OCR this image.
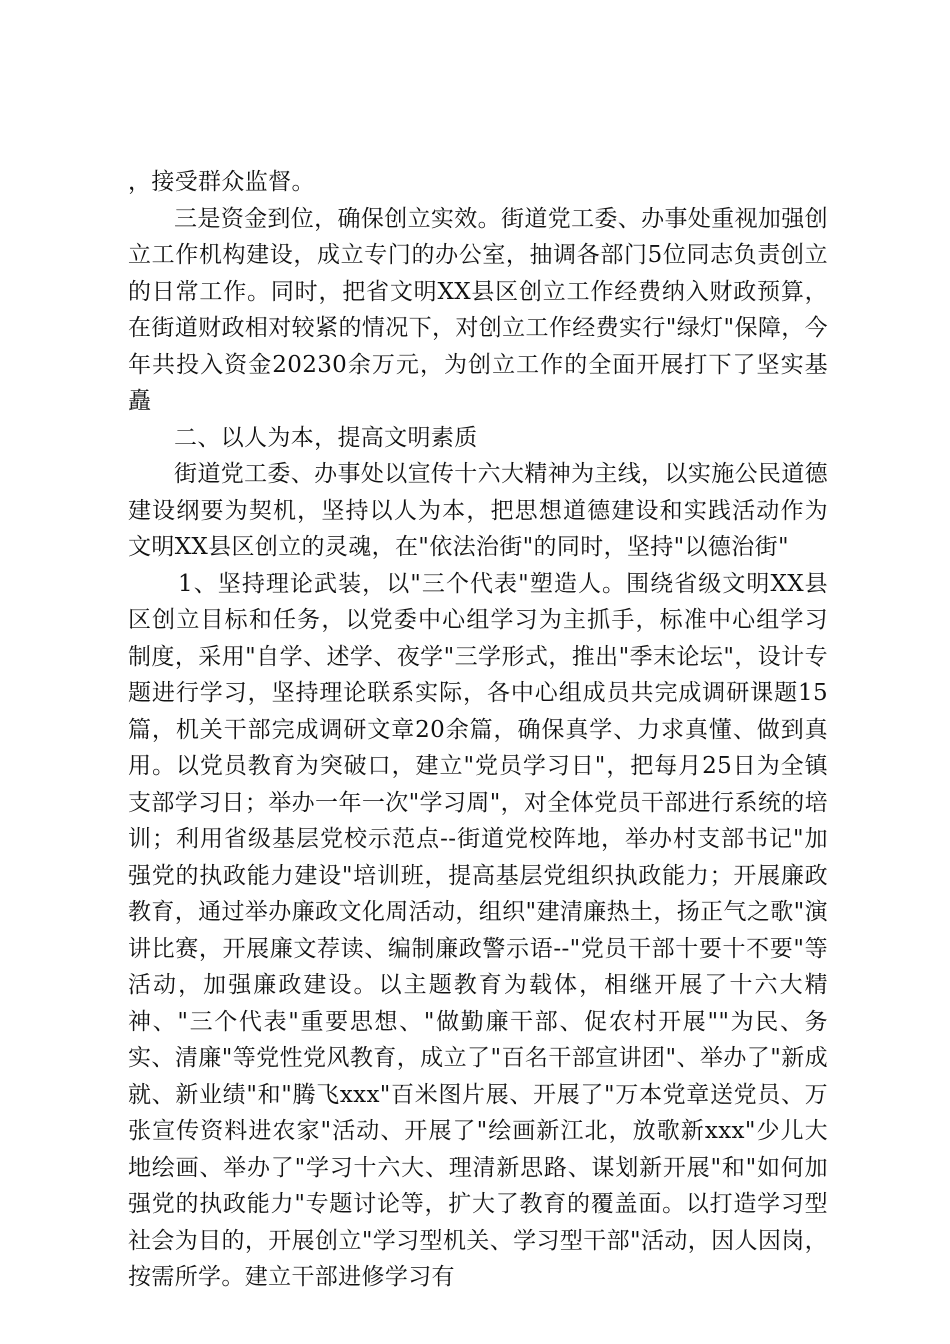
，接受群众监督。

三是资金到位，确保创立实效。街道党工委、办事处重视加强创立工作机构建设，成立专门的办公室，抽调各部门5位同志负责创立的日常工作。同时，把省文明XX县区创立工作经费纳入财政预算，在街道财政相对较紧的情况下，对创立工作经费实行"绿灯"保障，今年共投入资金20230余万元，为创立工作的全面开展打下了坚实基矗

二、以人为本，提高文明素质

街道党工委、办事处以宣传十六大精神为主线，以实施公民道德建设纲要为契机，坚持以人为本，把思想道德建设和实践活动作为文明XX县区创立的灵魂，在"依法治街"的同时，坚持"以德治街"

1、坚持理论武装，以"三个代表"塑造人。围绕省级文明XX县区创立目标和任务，以党委中心组学习为主抓手，标准中心组学习制度，采用"自学、述学、夜学"三学形式，推出"季末论坛"，设计专题进行学习，坚持理论联系实际，各中心组成员共完成调研课题15篇，机关干部完成调研文章20余篇，确保真学、力求真懂、做到真用。以党员教育为突破口，建立"党员学习日"，把每月25日为全镇支部学习日；举办一年一次"学习周"，对全体党员干部进行系统的培训；利用省级基层党校示范点--街道党校阵地，举办村支部书记"加强党的执政能力建设"培训班，提高基层党组织执政能力；开展廉政教育，通过举办廉政文化周活动，组织"建清廉热土，扬正气之歌"演讲比赛，开展廉文荐读、编制廉政警示语--"党员干部十要十不要"等活动，加强廉政建设。以主题教育为载体，相继开展了十六大精神、"三个代表"重要思想、"做勤廉干部、促农村开展""为民、务实、清廉"等党性党风教育，成立了"百名干部宣讲团"、举办了"新成就、新业绩"和"腾飞xxx"百米图片展、开展了"万本党章送党员、万张宣传资料进农家"活动、开展了"绘画新江北，放歌新xxx"少儿大地绘画、举办了"学习十六大、理清新思路、谋划新开展"和"如何加强党的执政能力"专题讨论等，扩大了教育的覆盖面。以打造学习型社会为目的，开展创立"学习型机关、学习型干部"活动，因人因岗，按需所学。建立干部进修学习有
